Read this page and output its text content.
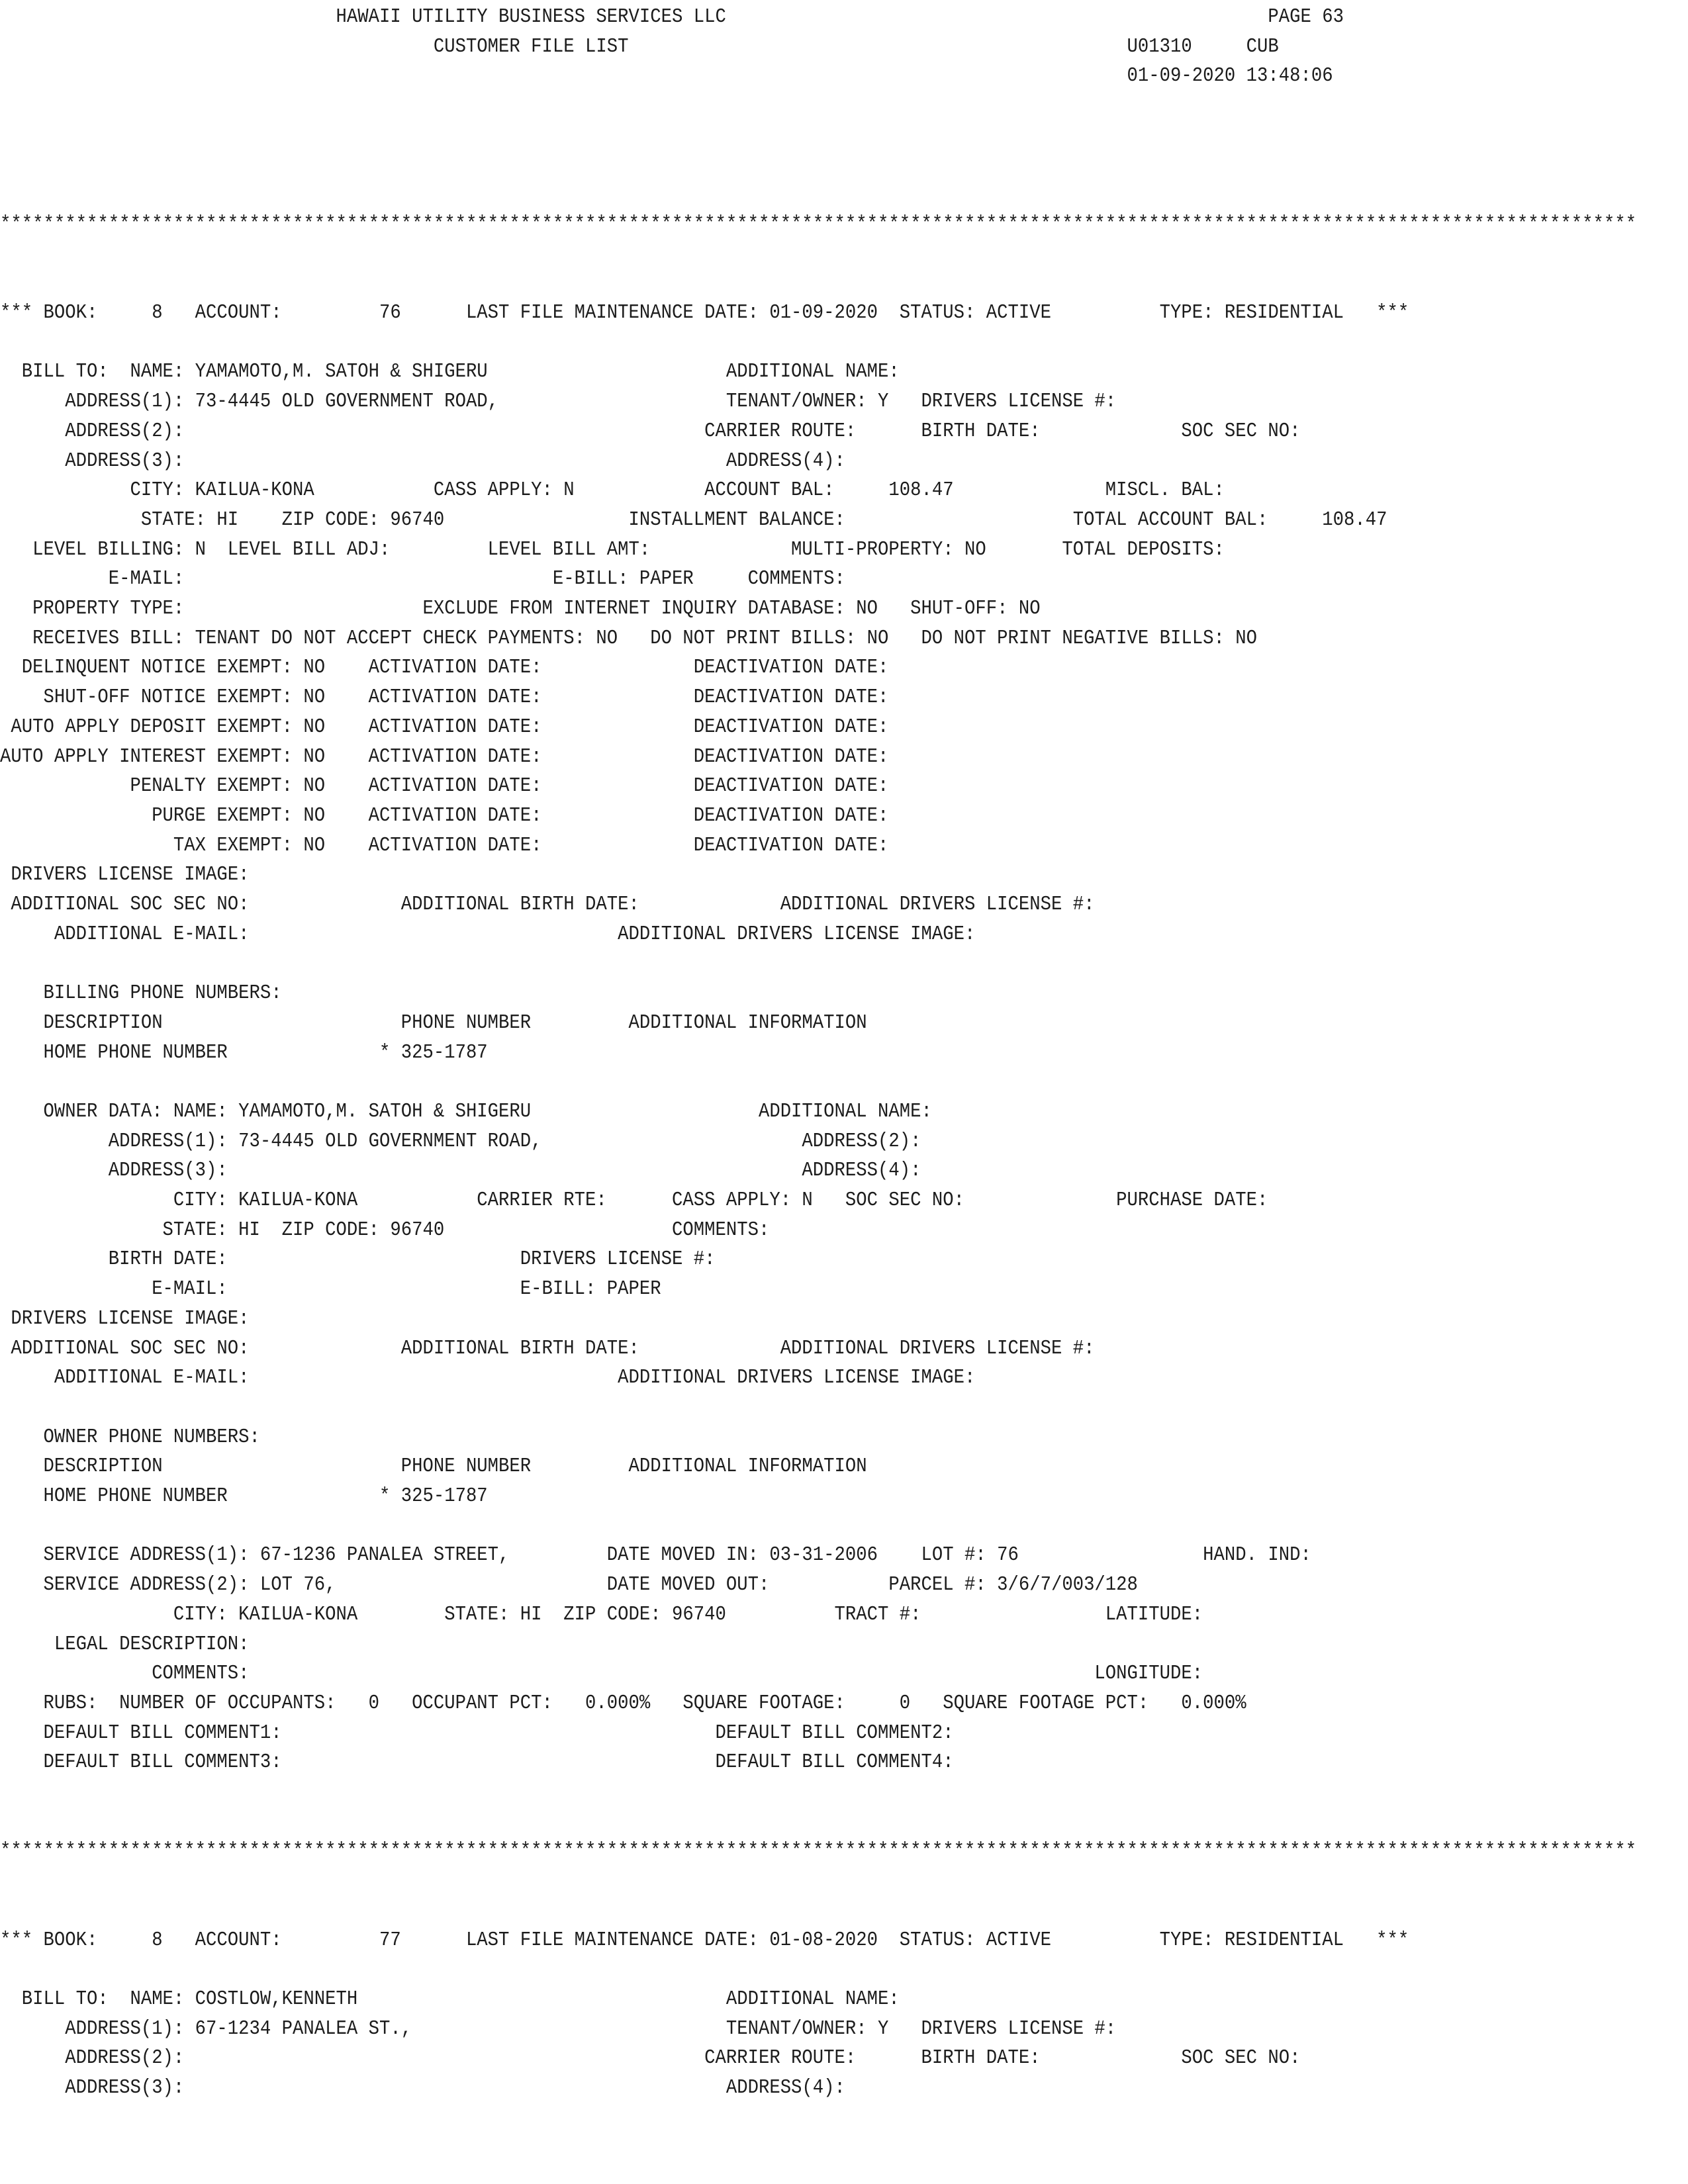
HAWAII UTILITY BUSINESS SERVICES LLC                                                  PAGE 63
CUSTOMER FILE LIST                                              U01310     CUB
01-09-2020 13:48:06
*******************************************************************************************************************************************************
*** BOOK:     8   ACCOUNT:         76      LAST FILE MAINTENANCE DATE: 01-09-2020  STATUS: ACTIVE          TYPE: RESIDENTIAL   ***
BILL TO:  NAME: YAMAMOTO,M. SATOH & SHIGERU                      ADDITIONAL NAME:
ADDRESS(1): 73-4445 OLD GOVERNMENT ROAD,                     TENANT/OWNER: Y   DRIVERS LICENSE #:
ADDRESS(2):                                                CARRIER ROUTE:      BIRTH DATE:             SOC SEC NO:
ADDRESS(3):                                                  ADDRESS(4):
CITY: KAILUA-KONA           CASS APPLY: N            ACCOUNT BAL:     108.47              MISCL. BAL:
STATE: HI    ZIP CODE: 96740                 INSTALLMENT BALANCE:                     TOTAL ACCOUNT BAL:     108.47
LEVEL BILLING: N  LEVEL BILL ADJ:         LEVEL BILL AMT:             MULTI-PROPERTY: NO       TOTAL DEPOSITS:
E-MAIL:                                  E-BILL: PAPER     COMMENTS:
PROPERTY TYPE:                      EXCLUDE FROM INTERNET INQUIRY DATABASE: NO   SHUT-OFF: NO
RECEIVES BILL: TENANT DO NOT ACCEPT CHECK PAYMENTS: NO   DO NOT PRINT BILLS: NO   DO NOT PRINT NEGATIVE BILLS: NO
DELINQUENT NOTICE EXEMPT: NO    ACTIVATION DATE:              DEACTIVATION DATE:
SHUT-OFF NOTICE EXEMPT: NO    ACTIVATION DATE:              DEACTIVATION DATE:
AUTO APPLY DEPOSIT EXEMPT: NO    ACTIVATION DATE:              DEACTIVATION DATE:
AUTO APPLY INTEREST EXEMPT: NO    ACTIVATION DATE:              DEACTIVATION DATE:
PENALTY EXEMPT: NO    ACTIVATION DATE:              DEACTIVATION DATE:
PURGE EXEMPT: NO    ACTIVATION DATE:              DEACTIVATION DATE:
TAX EXEMPT: NO    ACTIVATION DATE:              DEACTIVATION DATE:
DRIVERS LICENSE IMAGE:
ADDITIONAL SOC SEC NO:              ADDITIONAL BIRTH DATE:             ADDITIONAL DRIVERS LICENSE #:
ADDITIONAL E-MAIL:                                  ADDITIONAL DRIVERS LICENSE IMAGE:
BILLING PHONE NUMBERS:
DESCRIPTION                      PHONE NUMBER         ADDITIONAL INFORMATION
HOME PHONE NUMBER              * 325-1787
OWNER DATA: NAME: YAMAMOTO,M. SATOH & SHIGERU                     ADDITIONAL NAME:
ADDRESS(1): 73-4445 OLD GOVERNMENT ROAD,                        ADDRESS(2):
ADDRESS(3):                                                     ADDRESS(4):
CITY: KAILUA-KONA           CARRIER RTE:      CASS APPLY: N   SOC SEC NO:              PURCHASE DATE:
STATE: HI  ZIP CODE: 96740                     COMMENTS:
BIRTH DATE:                           DRIVERS LICENSE #:
E-MAIL:                           E-BILL: PAPER
DRIVERS LICENSE IMAGE:
ADDITIONAL SOC SEC NO:              ADDITIONAL BIRTH DATE:             ADDITIONAL DRIVERS LICENSE #:
ADDITIONAL E-MAIL:                                  ADDITIONAL DRIVERS LICENSE IMAGE:
OWNER PHONE NUMBERS:
DESCRIPTION                      PHONE NUMBER         ADDITIONAL INFORMATION
HOME PHONE NUMBER              * 325-1787
SERVICE ADDRESS(1): 67-1236 PANALEA STREET,         DATE MOVED IN: 03-31-2006    LOT #: 76                 HAND. IND:
SERVICE ADDRESS(2): LOT 76,                         DATE MOVED OUT:           PARCEL #: 3/6/7/003/128
CITY: KAILUA-KONA        STATE: HI  ZIP CODE: 96740          TRACT #:                 LATITUDE:
LEGAL DESCRIPTION:
COMMENTS:                                                                              LONGITUDE:
RUBS:  NUMBER OF OCCUPANTS:   0   OCCUPANT PCT:   0.000%   SQUARE FOOTAGE:     0   SQUARE FOOTAGE PCT:   0.000%
DEFAULT BILL COMMENT1:                                        DEFAULT BILL COMMENT2:
DEFAULT BILL COMMENT3:                                        DEFAULT BILL COMMENT4:
*******************************************************************************************************************************************************
*** BOOK:     8   ACCOUNT:         77      LAST FILE MAINTENANCE DATE: 01-08-2020  STATUS: ACTIVE          TYPE: RESIDENTIAL   ***
BILL TO:  NAME: COSTLOW,KENNETH                                  ADDITIONAL NAME:
ADDRESS(1): 67-1234 PANALEA ST.,                             TENANT/OWNER: Y   DRIVERS LICENSE #:
ADDRESS(2):                                                CARRIER ROUTE:      BIRTH DATE:             SOC SEC NO:
ADDRESS(3):                                                  ADDRESS(4):
